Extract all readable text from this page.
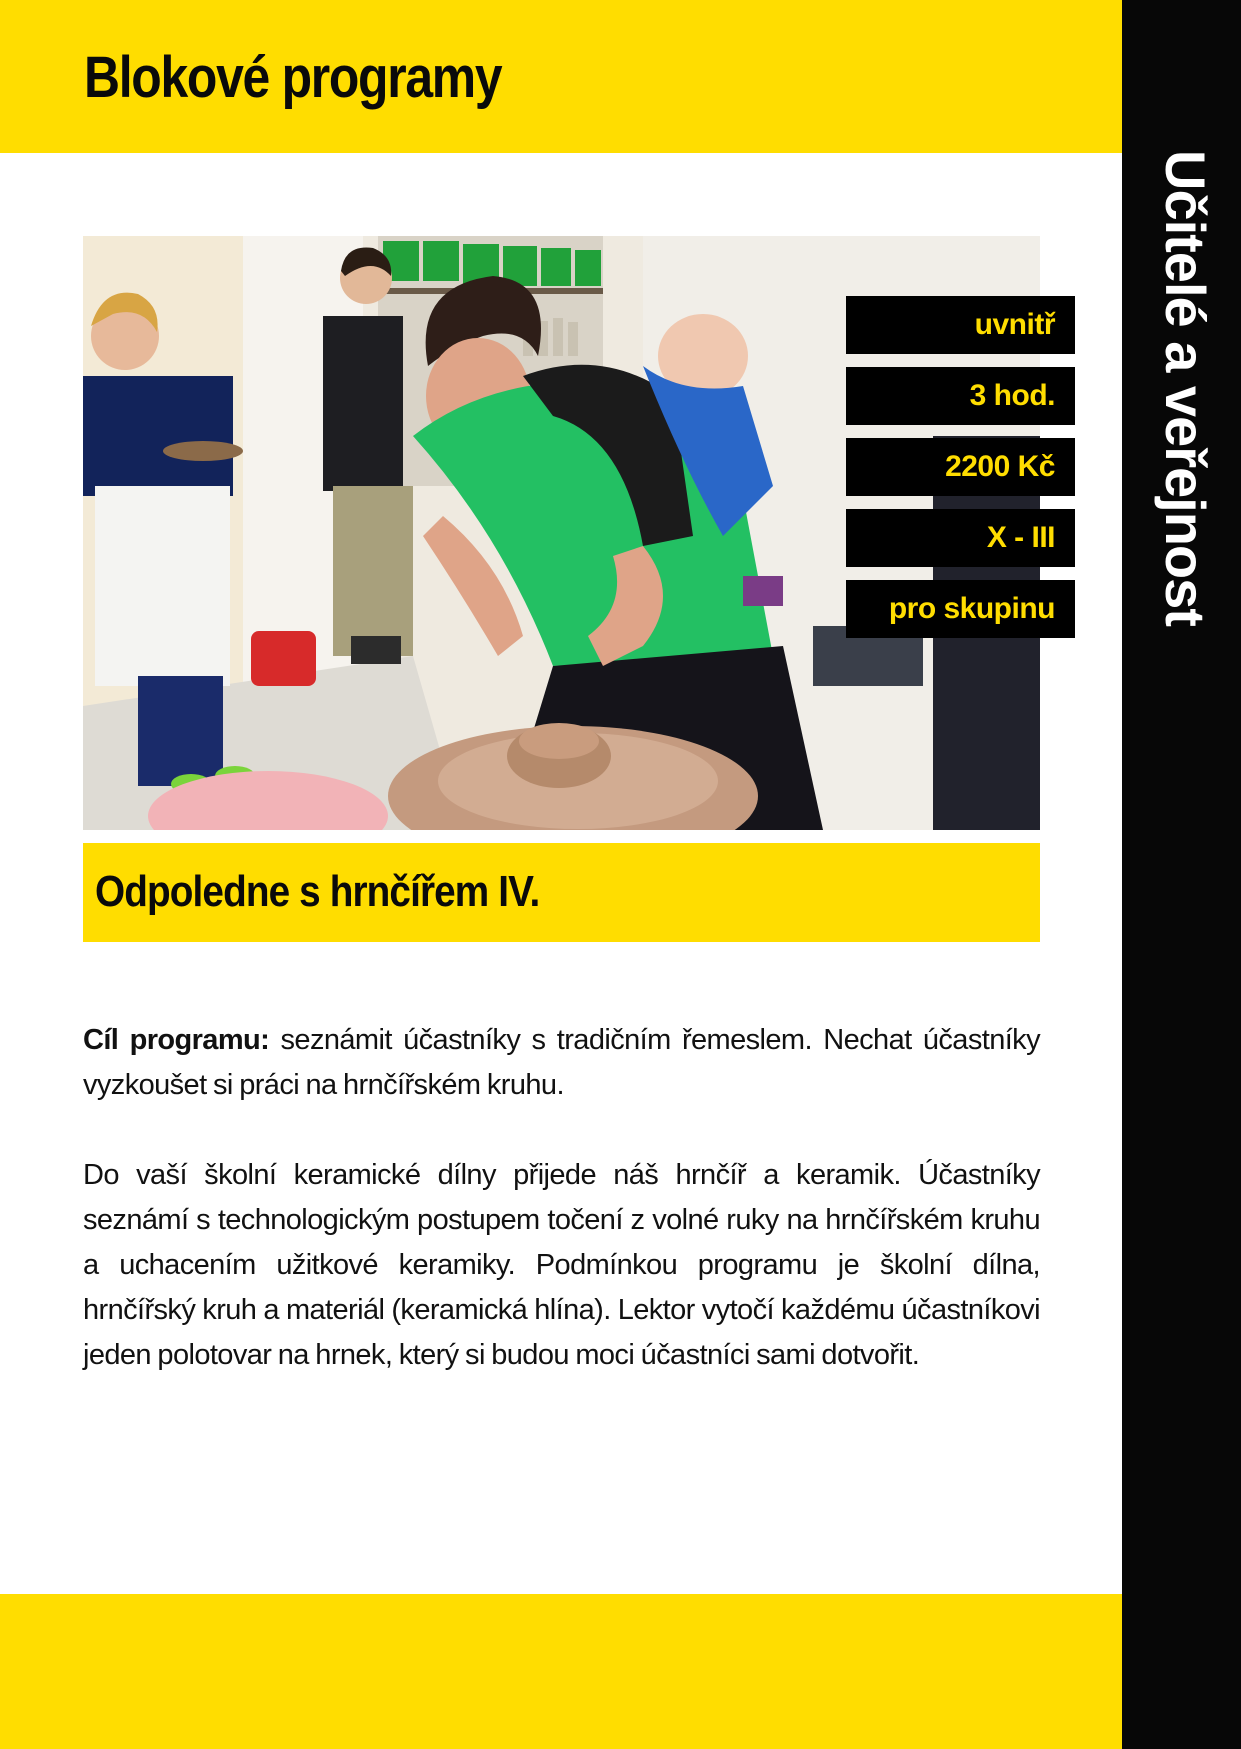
Blokové programy
Učitelé a veřejnost
uvnitř
3 hod.
2200 Kč
X - III
pro skupinu
Odpoledne s hrnčířem IV.

Cíl programu: seznámit účastníky s tradičním řemeslem. Nechat účastníky vyzkoušet si práci na hrnčířském kruhu.

Do vaší školní keramické dílny přijede náš hrnčíř a keramik. Účastníky seznámí s technologickým postupem točení z volné ruky na hrnčířském kruhu a uchacením užitkové keramiky. Podmínkou programu je školní dílna, hrnčířský kruh a materiál (keramická hlína). Lektor vytočí každému účastníkovi jeden polotovar na hrnek, který si budou moci účastníci sami dotvořit.
